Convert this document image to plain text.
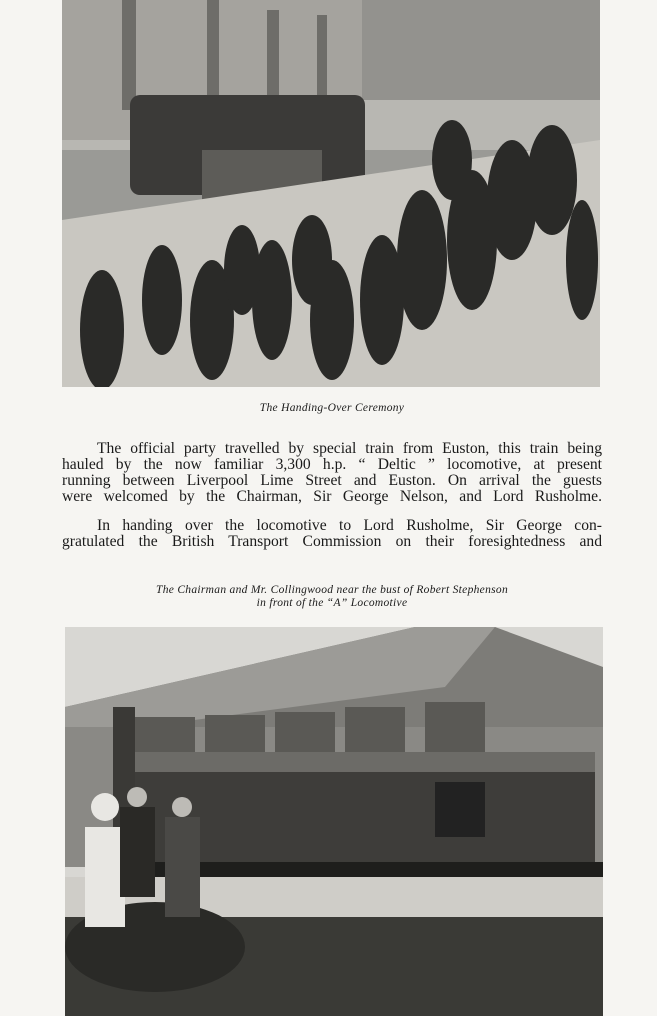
The Handing-Over Ceremony
The official party travelled by special train from Euston, this train being
hauled by the now familiar 3,300 h.p. “ Deltic ” locomotive, at present
running between Liverpool Lime Street and Euston. On arrival the guests
were welcomed by the Chairman, Sir George Nelson, and Lord Rusholme.
In handing over the locomotive to Lord Rusholme, Sir George con-
gratulated the British Transport Commission on their foresightedness and
The Chairman and Mr. Collingwood near the bust of Robert Stephenson
in front of the “A” Locomotive
